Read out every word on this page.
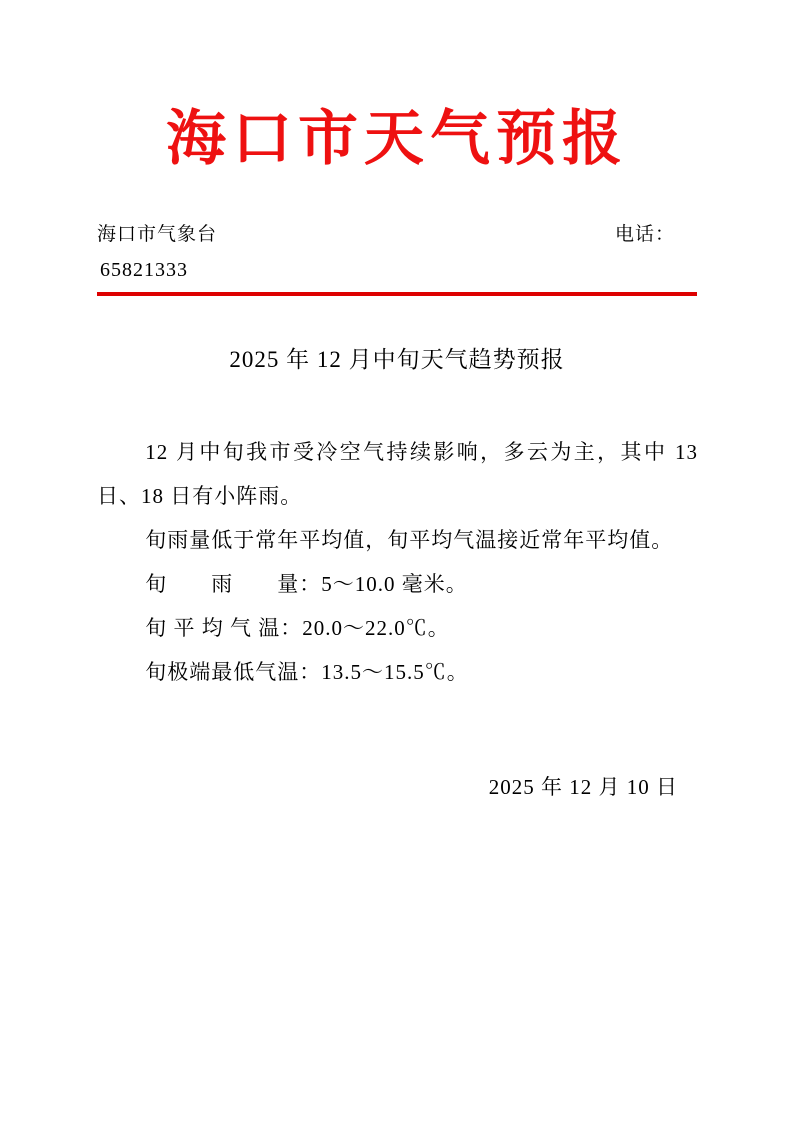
海口市天气预报
海口市气象台	电话：
65821333
2025 年 12 月中旬天气趋势预报

12 月中旬我市受冷空气持续影响，多云为主，其中 13 日、18 日有小阵雨。

旬雨量低于常年平均值，旬平均气温接近常年平均值。

旬　　雨　　量：5～10.0 毫米。

旬 平 均 气 温：20.0～22.0℃。

旬极端最低气温：13.5～15.5℃。

2025 年 12 月 10 日
